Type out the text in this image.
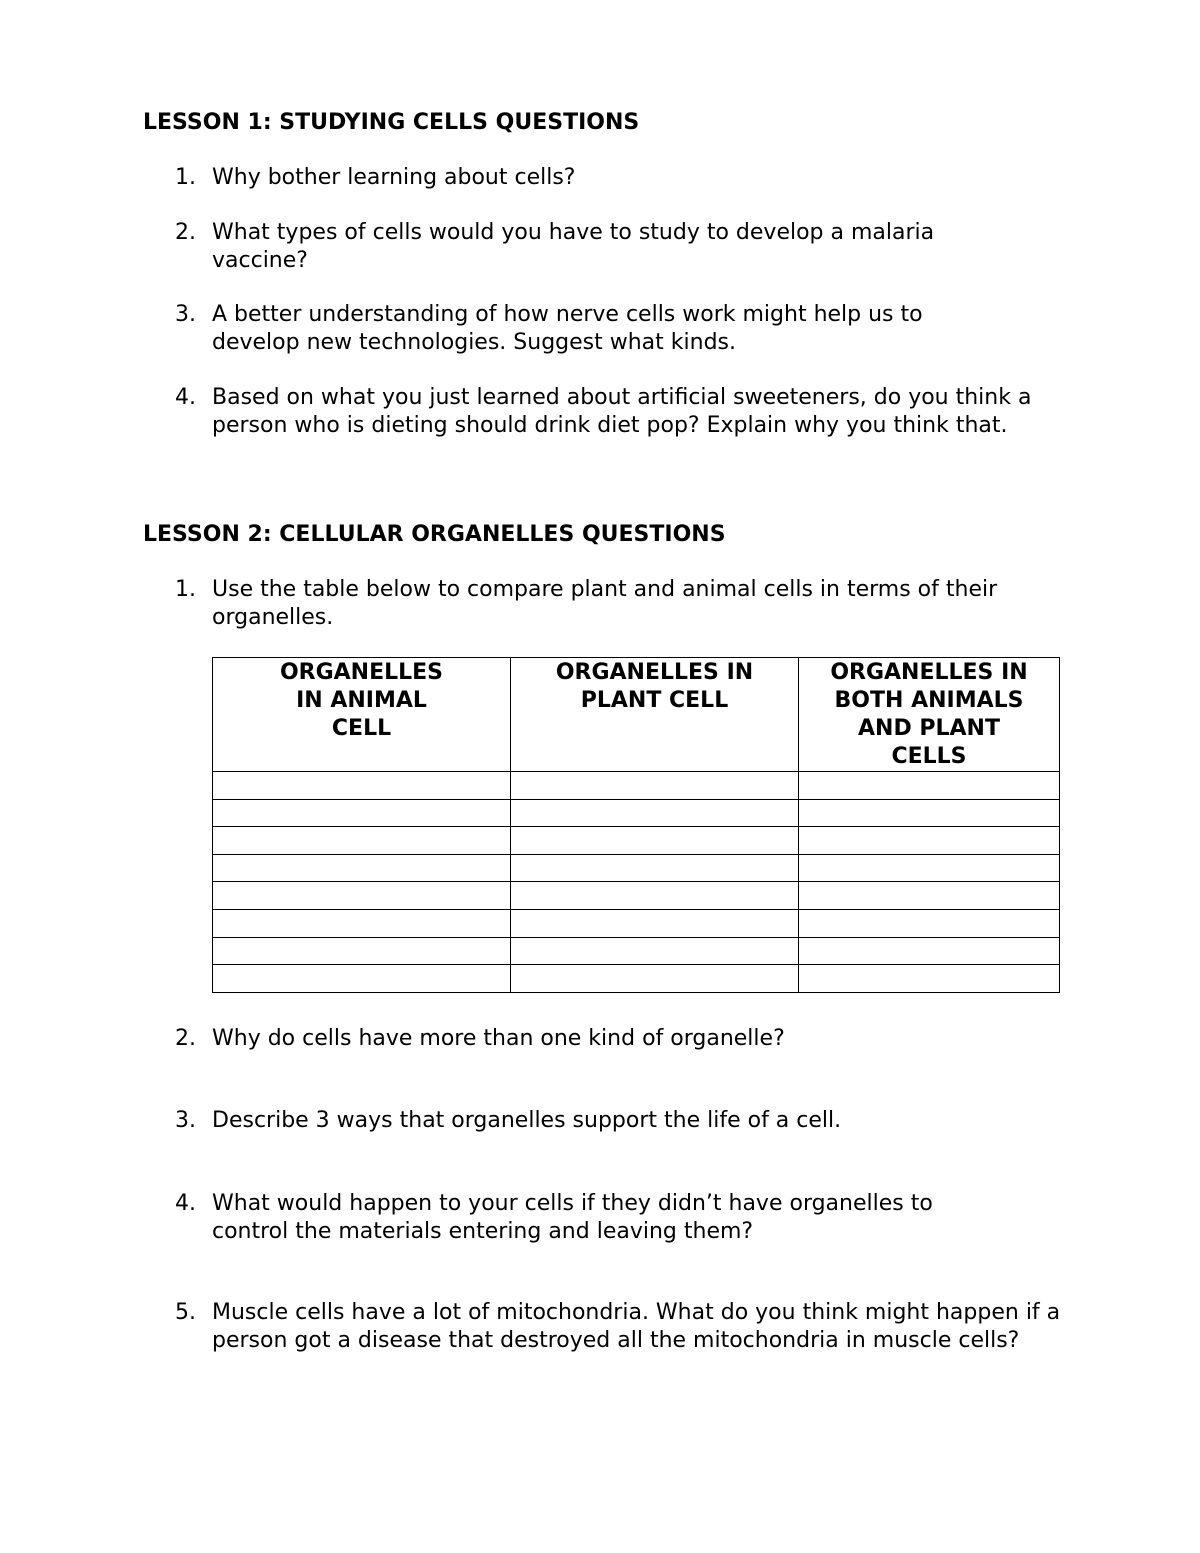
LESSON 1: STUDYING CELLS QUESTIONS
1. Why bother learning about cells?
2. What types of cells would you have to study to develop a malaria vaccine?
3. A better understanding of how nerve cells work might help us to develop new technologies. Suggest what kinds.
4. Based on what you just learned about artificial sweeteners, do you think a person who is dieting should drink diet pop? Explain why you think that.
LESSON 2: CELLULAR ORGANELLES QUESTIONS
1. Use the table below to compare plant and animal cells in terms of their organelles.
ORGANELLES IN ANIMAL CELL	ORGANELLES IN PLANT CELL	ORGANELLES IN BOTH ANIMALS AND PLANT CELLS

2. Why do cells have more than one kind of organelle?
3. Describe 3 ways that organelles support the life of a cell.
4. What would happen to your cells if they didn’t have organelles to control the materials entering and leaving them?
5. Muscle cells have a lot of mitochondria. What do you think might happen if a person got a disease that destroyed all the mitochondria in muscle cells?
